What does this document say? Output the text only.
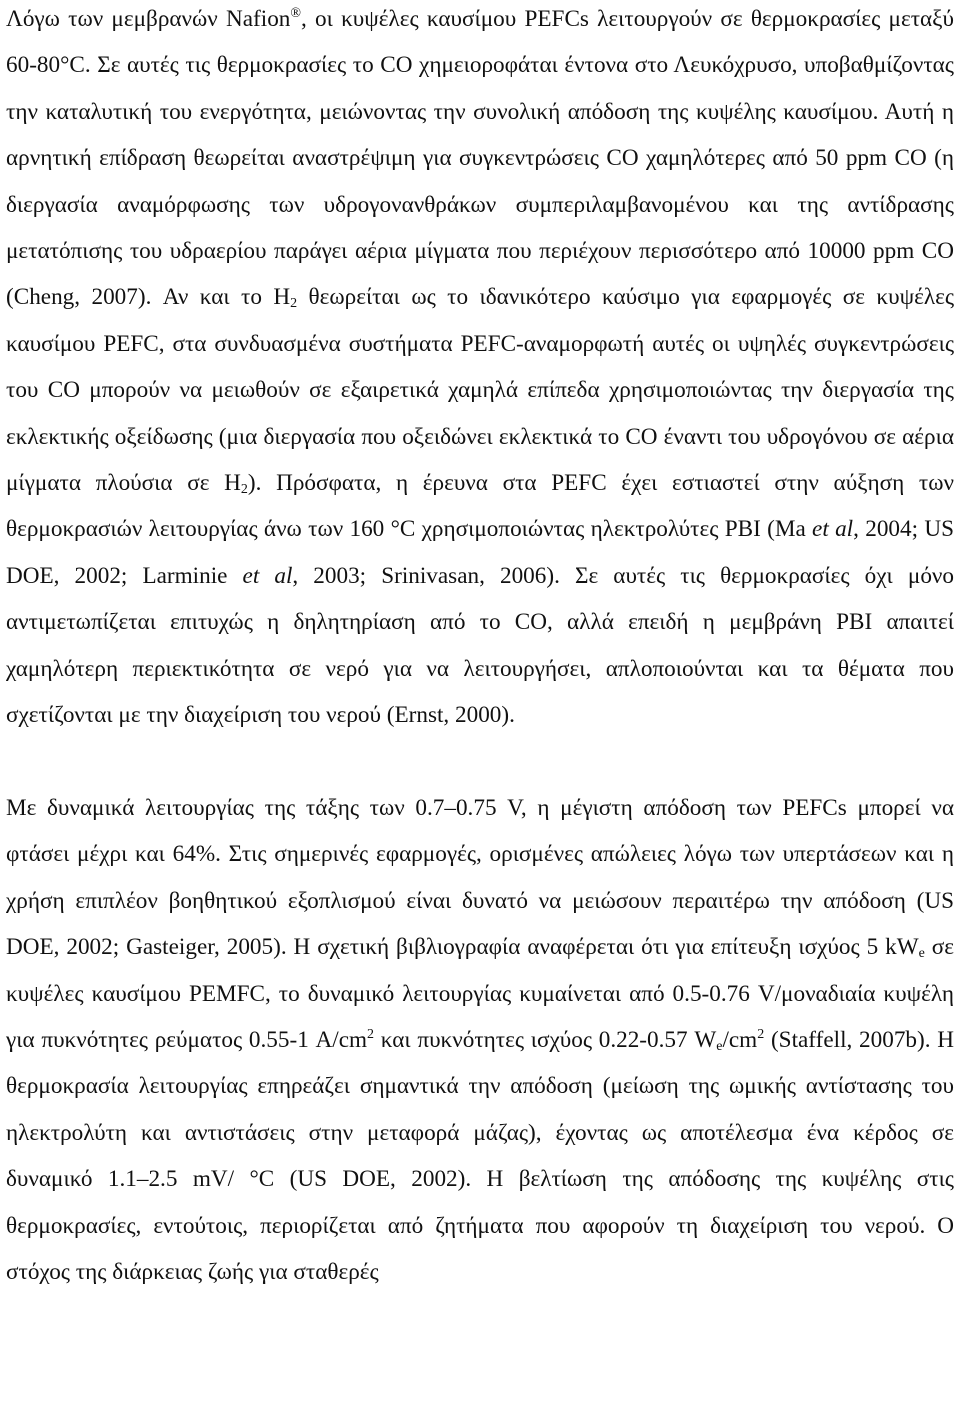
Λόγω των μεμβρανών Nafion®, οι κυψέλες καυσίμου PEFCs λειτουργούν σε θερμοκρασίες μεταξύ 60-80°C. Σε αυτές τις θερμοκρασίες το CO χημειοροφάται έντονα στο Λευκόχρυσο, υποβαθμίζοντας την καταλυτική του ενεργότητα, μειώνοντας την συνολική απόδοση της κυψέλης καυσίμου. Αυτή η αρνητική επίδραση θεωρείται αναστρέψιμη για συγκεντρώσεις CO χαμηλότερες από 50 ppm CO (η διεργασία αναμόρφωσης των υδρογονανθράκων συμπεριλαμβανομένου και της αντίδρασης μετατόπισης του υδραερίου παράγει αέρια μίγματα που περιέχουν περισσότερο από 10000 ppm CO (Cheng, 2007). Αν και το $H_2$ θεωρείται ως το ιδανικότερο καύσιμο για εφαρμογές σε κυψέλες καυσίμου PEFC, στα συνδυασμένα συστήματα PEFC-αναμορφωτή αυτές οι υψηλές συγκεντρώσεις του CO μπορούν να μειωθούν σε εξαιρετικά χαμηλά επίπεδα χρησιμοποιώντας την διεργασία της εκλεκτικής οξείδωσης (μια διεργασία που οξειδώνει εκλεκτικά το CO έναντι του υδρογόνου σε αέρια μίγματα πλούσια σε $H_2$). Πρόσφατα, η έρευνα στα PEFC έχει εστιαστεί στην αύξηση των θερμοκρασιών λειτουργίας άνω των 160 °C χρησιμοποιώντας ηλεκτρολύτες PBI (Ma et al, 2004; US DOE, 2002; Larminie et al, 2003; Srinivasan, 2006). Σε αυτές τις θερμοκρασίες όχι μόνο αντιμετωπίζεται επιτυχώς η δηλητηρίαση από το CO, αλλά επειδή η μεμβράνη PBI απαιτεί χαμηλότερη περιεκτικότητα σε νερό για να λειτουργήσει, απλοποιούνται και τα θέματα που σχετίζονται με την διαχείριση του νερού (Ernst, 2000).

Με δυναμικά λειτουργίας της τάξης των 0.7–0.75 V, η μέγιστη απόδοση των PEFCs μπορεί να φτάσει μέχρι και 64%. Στις σημερινές εφαρμογές, ορισμένες απώλειες λόγω των υπερτάσεων και η χρήση επιπλέον βοηθητικού εξοπλισμού είναι δυνατό να μειώσουν περαιτέρω την απόδοση (US DOE, 2002; Gasteiger, 2005). Η σχετική βιβλιογραφία αναφέρεται ότι για επίτευξη ισχύος 5 $kW_e$ σε κυψέλες καυσίμου PEMFC, το δυναμικό λειτουργίας κυμαίνεται από 0.5-0.76 V/μοναδιαία κυψέλη για πυκνότητες ρεύματος 0.55-1 $A/cm^2$ και πυκνότητες ισχύος 0.22-0.57 $W_e/cm^2$ (Staffell, 2007b). Η θερμοκρασία λειτουργίας επηρεάζει σημαντικά την απόδοση (μείωση της ωμικής αντίστασης του ηλεκτρολύτη και αντιστάσεις στην μεταφορά μάζας), έχοντας ως αποτέλεσμα ένα κέρδος σε δυναμικό 1.1–2.5 mV/ °C (US DOE, 2002). Η βελτίωση της απόδοσης της κυψέλης στις θερμοκρασίες, εντούτοις, περιορίζεται από ζητήματα που αφορούν τη διαχείριση του νερού. Ο στόχος της διάρκειας ζωής για σταθερές
